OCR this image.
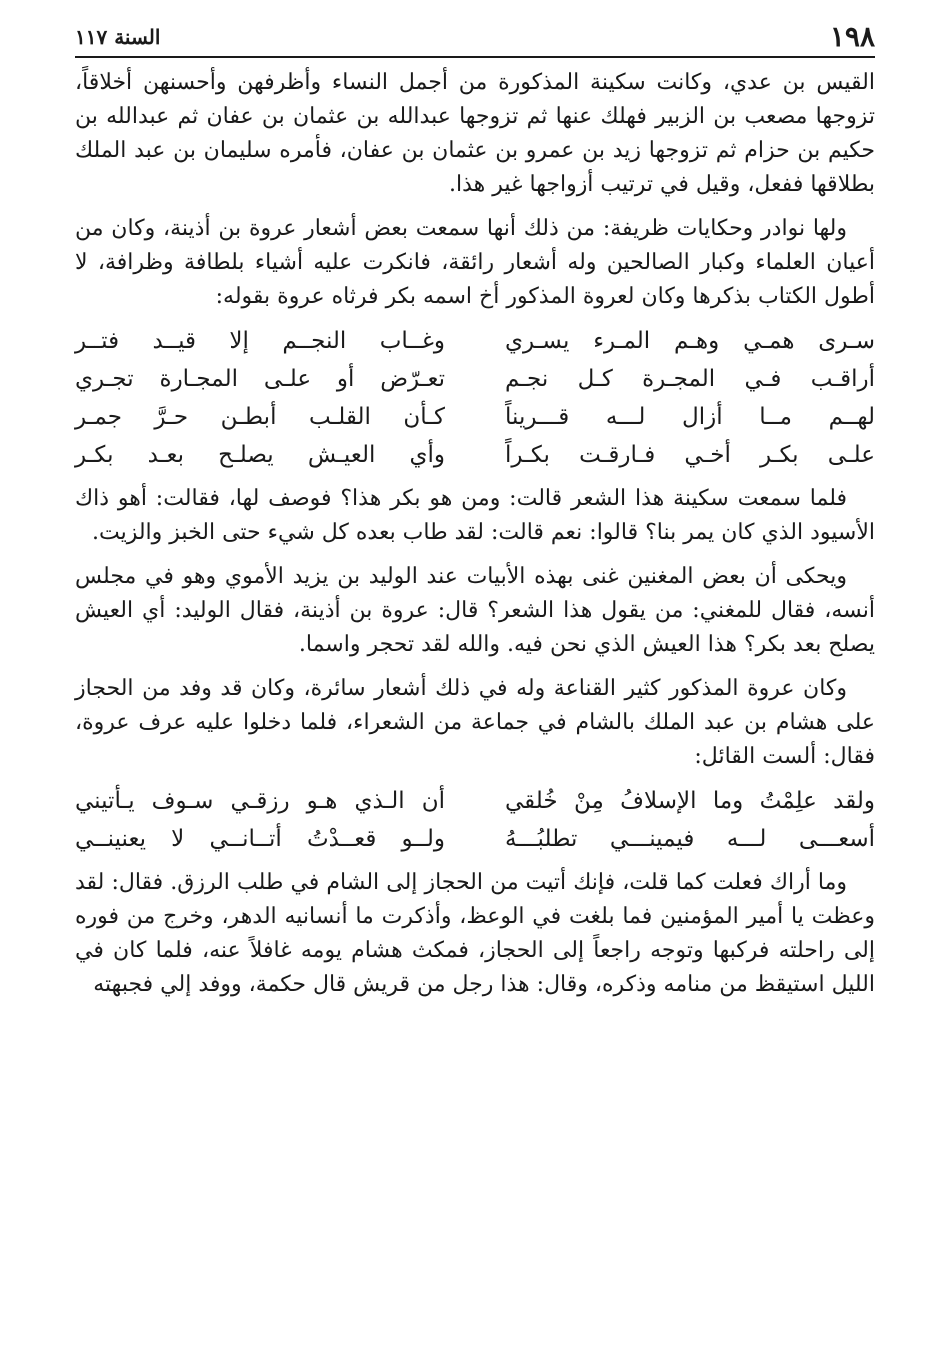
١٩٨
السنة ١١٧

القيس بن عدي، وكانت سكينة المذكورة من أجمل النساء وأظرفهن وأحسنهن أخلاقاً، تزوجها مصعب بن الزبير فهلك عنها ثم تزوجها عبدالله بن عثمان بن عفان ثم عبدالله بن حكيم بن حزام ثم تزوجها زيد بن عمرو بن عثمان بن عفان، فأمره سليمان بن عبد الملك بطلاقها ففعل، وقيل في ترتيب أزواجها غير هذا.

ولها نوادر وحكايات ظريفة: من ذلك أنها سمعت بعض أشعار عروة بن أذينة، وكان من أعيان العلماء وكبار الصالحين وله أشعار رائقة، فانكرت عليه أشياء بلطافة وظرافة، لا أطول الكتاب بذكرها وكان لعروة المذكور أخ اسمه بكر فرثاه عروة بقوله:

سـرى همـي وهـم المـرء يسـري
وغــاب النجــم إلا قيــد فتــر
أراقـب فـي المجـرة كـل نجـم
تعـرّض أو علـى المجـارة تجـري
لهــم مــا أزال لـــه قـــريناً
كـأن القلـب أبطـن حـرَّ جمـر
علـى بكـر أخـي فـارقـت بكـراً
وأي العيـش يصلـح بعـد بكـر

فلما سمعت سكينة هذا الشعر قالت: ومن هو بكر هذا؟ فوصف لها، فقالت: أهو ذاك الأسيود الذي كان يمر بنا؟ قالوا: نعم قالت: لقد طاب بعده كل شيء حتى الخبز والزيت.

ويحكى أن بعض المغنين غنى بهذه الأبيات عند الوليد بن يزيد الأموي وهو في مجلس أنسه، فقال للمغني: من يقول هذا الشعر؟ قال: عروة بن أذينة، فقال الوليد: أي العيش يصلح بعد بكر؟ هذا العيش الذي نحن فيه. والله لقد تحجر واسما.

وكان عروة المذكور كثير القناعة وله في ذلك أشعار سائرة، وكان قد وفد من الحجاز على هشام بن عبد الملك بالشام في جماعة من الشعراء، فلما دخلوا عليه عرف عروة، فقال: ألست القائل:

ولقد علِمْتُ وما الإسلافُ مِنْ خُلقي
أن الـذي هـو رزقـي سـوف يـأتيني
أسعـــى لـــه فيمينـــي تطلبُـــهُ
ولــو قعــدْتُ أتــانــي لا يعنينــي

وما أراك فعلت كما قلت، فإنك أتيت من الحجاز إلى الشام في طلب الرزق. فقال: لقد وعظت يا أمير المؤمنين فما بلغت في الوعظ، وأذكرت ما أنسانيه الدهر، وخرج من فوره إلى راحلته فركبها وتوجه راجعاً إلى الحجاز، فمكث هشام يومه غافلاً عنه، فلما كان في الليل استيقظ من منامه وذكره، وقال: هذا رجل من قريش قال حكمة، ووفد إلي فجبهته
